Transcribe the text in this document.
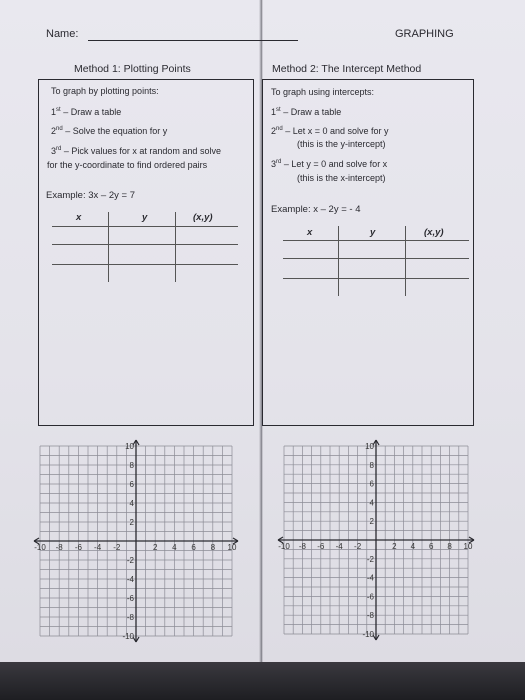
Name:	GRAPHING
Method 1: Plotting Points
To graph by plotting points:
1st – Draw a table
2nd – Solve the equation for y
3rd – Pick values for x at random and solve
for the y-coordinate to find ordered pairs
Example: 3x – 2y = 7
x	y	(x,y)
Method 2: The Intercept Method
To graph using intercepts:
1st – Draw a table
2nd – Let x = 0 and solve for y
(this is the y-intercept)
3rd – Let y = 0 and solve for x
(this is the x-intercept)
Example: x – 2y = - 4
x	y	(x,y)
-10 -8 -6 -4 -2	2 4 6 8 10
10
8
6
4
2
-2
-4
-6
-8
-10
-10 -8 -6 -4 -2	2 4 6 8 10
10
8
6
4
2
-2
-4
-6
-8
-10
